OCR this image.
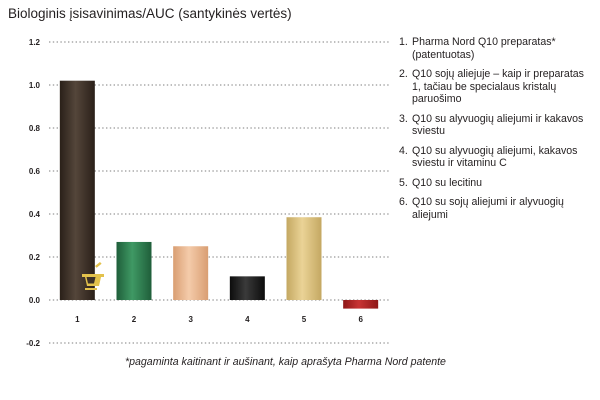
Biologinis įsisavinimas/AUC (santykinės vertės)
1.2
1.0
0.8
0.6
0.4
0.2
0.0
-0.2
1	2	3	4	5	6
1. Pharma Nord Q10 preparatas* (patentuotas)
2. Q10 sojų aliejuje – kaip ir preparatas 1, tačiau be specialaus kristalų paruošimo
3. Q10 su alyvuogių aliejumi ir kakavos sviestu
4. Q10 su alyvuogių aliejumi, kakavos sviestu ir vitaminu C
5. Q10 su lecitinu
6. Q10 su sojų aliejumi ir alyvuogių aliejumi
*pagaminta kaitinant ir aušinant, kaip aprašyta Pharma Nord patente
